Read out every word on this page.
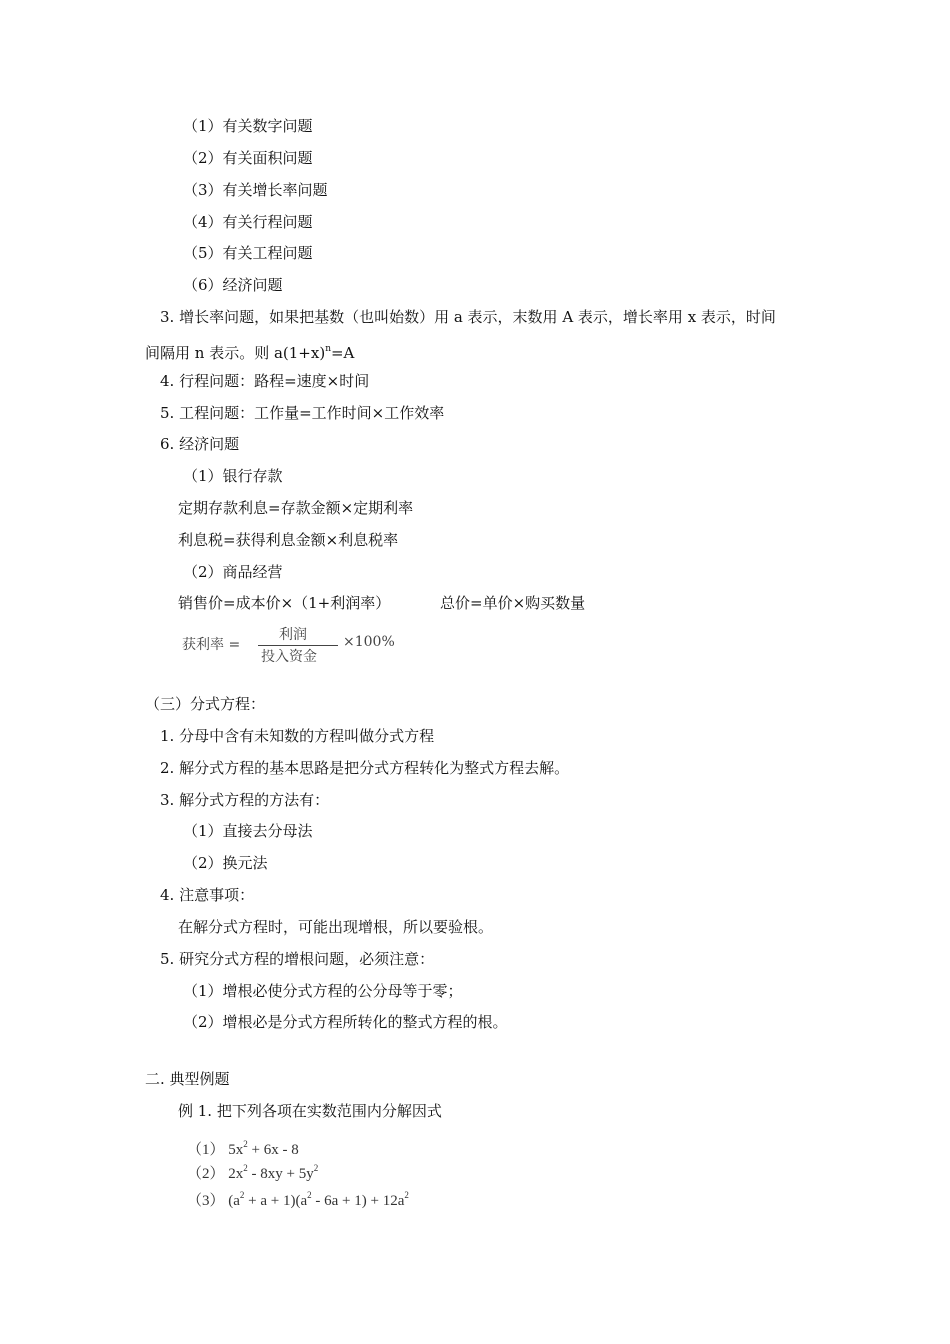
（1）有关数字问题
（2）有关面积问题
（3）有关增长率问题
（4）有关行程问题
（5）有关工程问题
（6）经济问题
3. 增长率问题，如果把基数（也叫始数）用 a 表示，末数用 A 表示，增长率用 x 表示，时间
间隔用 n 表示。则 $a(1+x)^n=A$
4. 行程问题：路程=速度×时间
5. 工程问题：工作量=工作时间×工作效率
6. 经济问题
（1）银行存款
定期存款利息=存款金额×定期利率
利息税=获得利息金额×利息税率
（2）商品经营
销售价=成本价×（1+利润率）	总价=单价×购买数量
获利率 =
利润
投入资金
×100%
（三）分式方程：
1. 分母中含有未知数的方程叫做分式方程
2. 解分式方程的基本思路是把分式方程转化为整式方程去解。
3. 解分式方程的方法有：
（1）直接去分母法
（2）换元法
4. 注意事项：
在解分式方程时，可能出现增根，所以要验根。
5. 研究分式方程的增根问题，必须注意：
（1）增根必使分式方程的公分母等于零；
（2）增根必是分式方程所转化的整式方程的根。
二. 典型例题
例 1. 把下列各项在实数范围内分解因式
（1） $5x^2 + 6x - 8$
（2） $2x^2 - 8xy + 5y^2$
（3） $(a^2 + a + 1)(a^2 - 6a + 1) + 12a^2$
